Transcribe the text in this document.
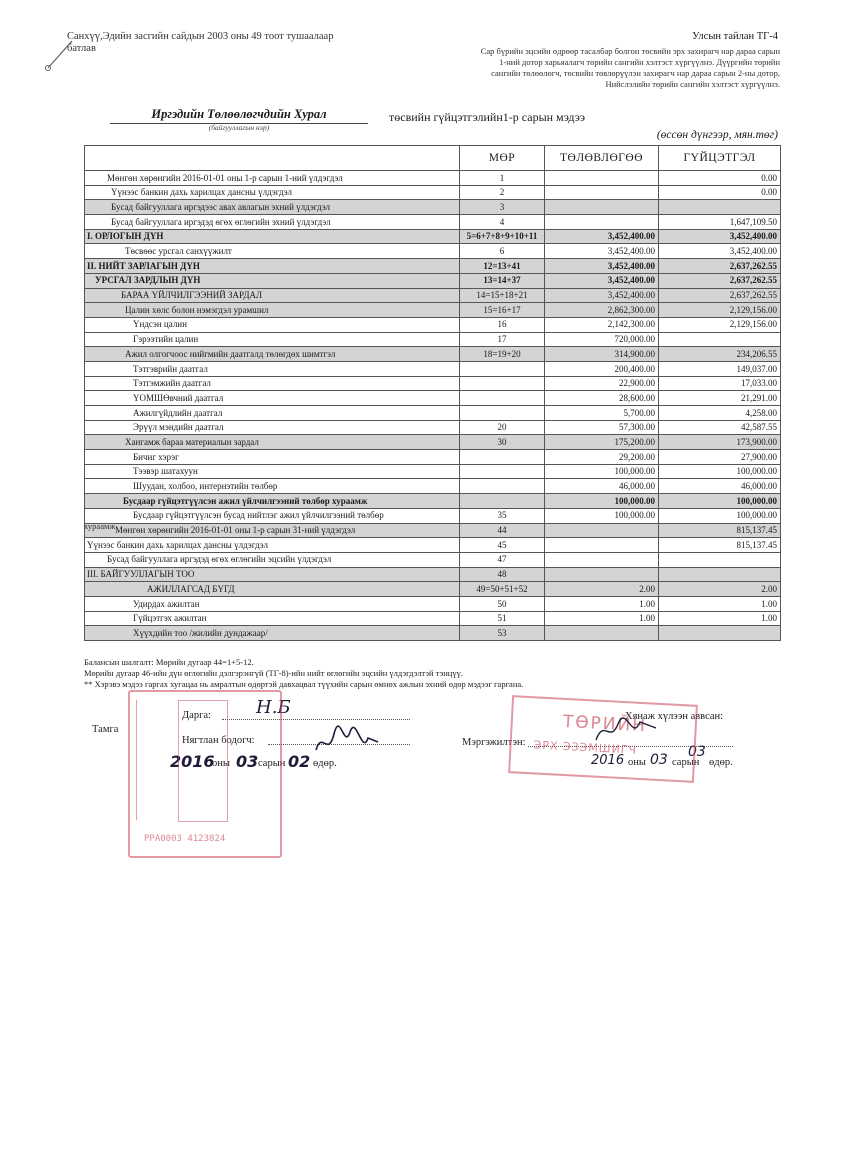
Санхүү,Эдийн засгийн сайдын 2003 оны 49 тоот тушаалаар
батлав
Улсын тайлан ТГ-4
Сар бүрийн эцсийн өдрөөр тасалбар болгон төсвийн эрх захирагч нар дараа сарын
1-ний дотор харьяалагч төрийн сангийн хэлтэст хүргүүлнэ. Дүүргийн төрийн
сангийн төлөөлөгч, төсвийн төвлөрүүлэн захирагч нар дараа сарын 2-ны дотор,
Нийслэлийн төрийн сангийн хэлтэст хүргүүлнэ.
Иргэдийн Төлөөлөгчдийн Хурал
(байгууллагын нэр)
төсвийн гүйцэтгэлийн1-р сарын мэдээ
(өссөн дүнгээр, мян.төг)
	МӨР	ТӨЛӨВЛӨГӨӨ	ГҮЙЦЭТГЭЛ
Мөнгөн хөрөнгийн 2016-01-01 оны 1-р сарын 1-ний үлдэгдэл	1		0.00
Үүнээс банкин дахь харилцах дансны үлдэгдэл	2		0.00
Бусад байгууллага иргэдээс авах авлагын эхний үлдэгдэл	3		
Бусад байгууллага иргэдэд өгөх өглөгийн эхний үлдэгдэл	4		1,647,109.50
I. ОРЛОГЫН ДҮН	5=6+7+8+9+10+11	3,452,400.00	3,452,400.00
Төсвөөс урсгал санхүүжилт	6	3,452,400.00	3,452,400.00
II. НИЙТ ЗАРЛАГЫН ДҮН	12=13+41	3,452,400.00	2,637,262.55
УРСГАЛ ЗАРДЛЫН ДҮН	13=14+37	3,452,400.00	2,637,262.55
БАРАА ҮЙЛЧИЛГЭЭНИЙ ЗАРДАЛ	14=15+18+21	3,452,400.00	2,637,262.55
Цалин хөлс болон нэмэгдэл урамшил	15=16+17	2,862,300.00	2,129,156.00
Үндсэн цалин	16	2,142,300.00	2,129,156.00
Гэрээтийн цалин	17	720,000.00	
Ажил олгогчоос нийгмийн даатгалд төлөгдөх шимтгэл	18=19+20	314,900.00	234,206.55
Тэтгэврийн даатгал		200,400.00	149,037.00
Тэтгэмжийн даатгал		22,900.00	17,033.00
ҮОМШӨвчний даатгал		28,600.00	21,291.00
Ажилгүйдлийн даатгал		5,700.00	4,258.00
Эрүүл мэндийн даатгал	20	57,300.00	42,587.55
Хангамж бараа материалын зардал	30	175,200.00	173,900.00
Бичиг хэрэг		29,200.00	27,900.00
Тээвэр шатахуун		100,000.00	100,000.00
Шуудан, холбоо, интернэтийн төлбөр		46,000.00	46,000.00
Бусдаар гүйцэтгүүлсэн ажил үйлчилгээний төлбөр хураамж		100,000.00	100,000.00
Бусдаар гүйцэтгүүлсэн бусад нийтлэг ажил үйлчилгээний төлбөр	35	100,000.00	100,000.00
Мөнгөн хөрөнгийн 2016-01-01 оны 1-р сарын 31-ний үлдэгдэл	44		815,137.45
Үүнээс банкин дахь харилцах дансны үлдэгдэл	45		815,137.45
Бусад байгууллага иргэдэд өгөх өглөгийн эцсийн үлдэгдэл	47		
III. БАЙГУУЛЛАГЫН ТОО	48		
АЖИЛЛАГСАД БҮГД	49=50+51+52	2.00	2.00
Удирдах ажилтан	50	1.00	1.00
Гүйцэтгэх ажилтан	51	1.00	1.00
Хүүхдийн тоо /жилийн дундажаар/	53		
хураамж
Балансын шалгалт: Мөрийн дугаар 44=1+5-12.
Мөрийн дугаар 46-ийн дүн өглөгийн дэлгэрэнгүй (ТГ-8)-ийн нийт өглөгийн эцсийн үлдэгдэлтэй тэнцүү.
** Хэрэвэ мэдээ гаргах хугацаа нь амралтын өдөртэй давхацвал түүхийн сарын өмнөх ажлын эхний өдөр мэдээг гаргана.
Тамга
Дарга:	Н.Б
Нягтлан бодогч:
2016
оны 03 сарын 02 өдөр.
PPA0003 4123824
Хянаж хүлээн аввсан:
Мэргэжилтэн:
2016 оны 03 сарын
03
өдөр.
ТӨРИЙН
ЭРХ ЭЗЭМШИГЧ
